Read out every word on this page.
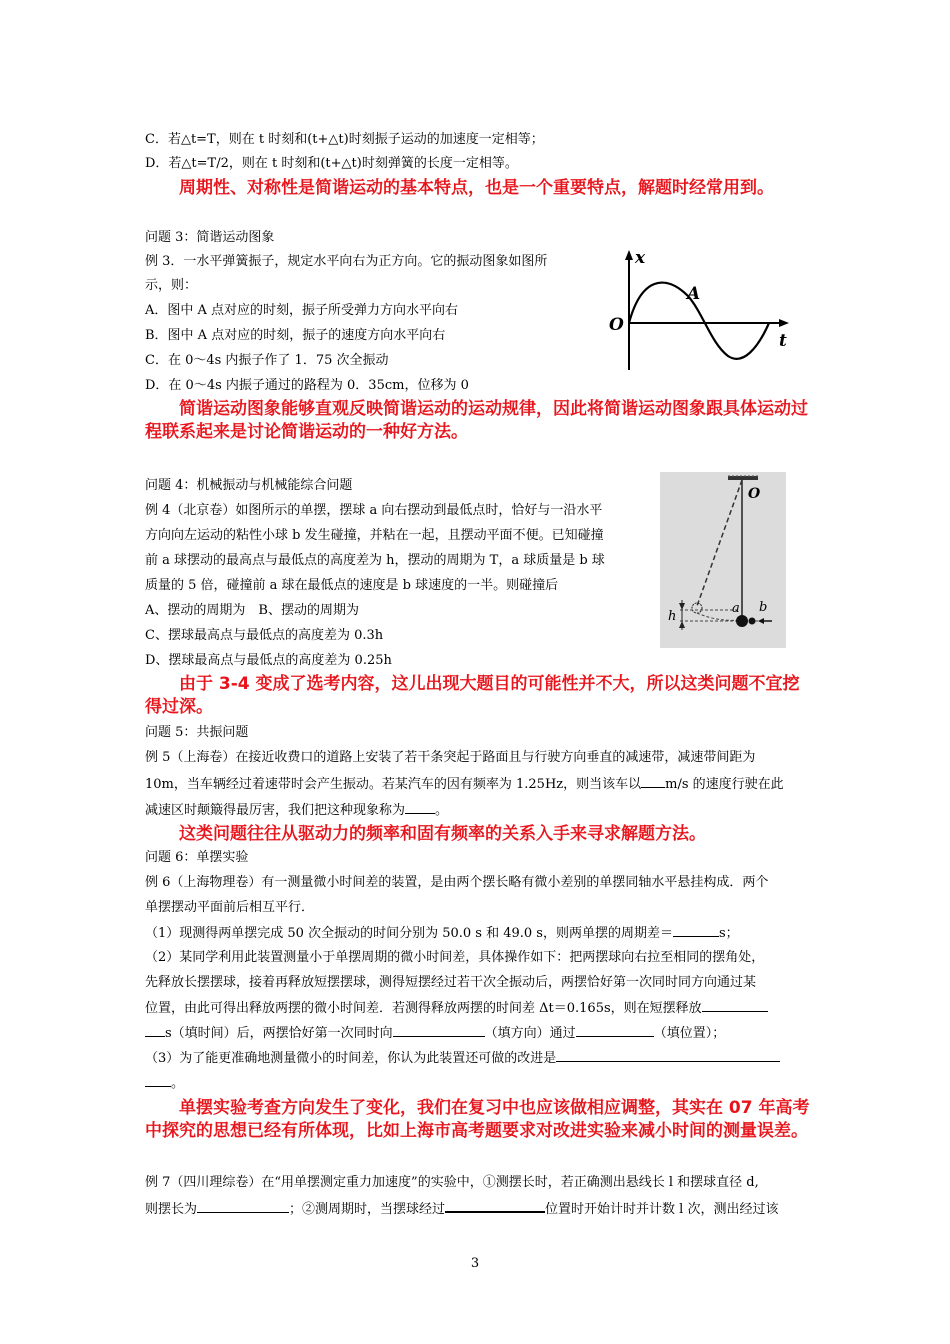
C．若△t=T，则在 t 时刻和(t+△t)时刻振子运动的加速度一定相等；
D．若△t=T/2，则在 t 时刻和(t+△t)时刻弹簧的长度一定相等。
　　周期性、对称性是简谐运动的基本特点，也是一个重要特点，解题时经常用到。
问题 3：简谐运动图象
例 3．一水平弹簧振子，规定水平向右为正方向。它的振动图象如图所
示，则：
A．图中 A 点对应的时刻，振子所受弹力方向水平向右
B．图中 A 点对应的时刻，振子的速度方向水平向右
C．在 0～4s 内振子作了 1．75 次全振动
D．在 0～4s 内振子通过的路程为 0．35cm，位移为 0
x
t
O
A
　　简谐运动图象能够直观反映简谐运动的运动规律，因此将简谐运动图象跟具体运动过程联系起来是讨论简谐运动的一种好方法。
问题 4：机械振动与机械能综合问题
例 4（北京卷）如图所示的单摆，摆球 a 向右摆动到最低点时，恰好与一沿水平
方向向左运动的粘性小球 b 发生碰撞，并粘在一起，且摆动平面不便。已知碰撞
前 a 球摆动的最高点与最低点的高度差为 h，摆动的周期为 T，a 球质量是 b 球
质量的 5 倍，碰撞前 a 球在最低点的速度是 b 球速度的一半。则碰撞后
A、摆动的周期为　B、摆动的周期为
C、摆球最高点与最低点的高度差为 0.3h
D、摆球最高点与最低点的高度差为 0.25h
O
h
a b
　　由于 3-4 变成了选考内容，这儿出现大题目的可能性并不大，所以这类问题不宜挖得过深。
问题 5：共振问题
例 5（上海卷）在接近收费口的道路上安装了若干条突起于路面且与行驶方向垂直的减速带，减速带间距为
10m，当车辆经过着速带时会产生振动。若某汽车的因有频率为 1.25Hz，则当该车以 m/s 的速度行驶在此
减速区时颠簸得最厉害，我们把这种现象称为 。
　　这类问题往往从驱动力的频率和固有频率的关系入手来寻求解题方法。
问题 6：单摆实验
例 6（上海物理卷）有一测量微小时间差的装置，是由两个摆长略有微小差别的单摆同轴水平悬挂构成．两个
单摆摆动平面前后相互平行．
（1）现测得两单摆完成 50 次全振动的时间分别为 50.0 s 和 49.0 s，则两单摆的周期差＝	s；
（2）某同学利用此装置测量小于单摆周期的微小时间差，具体操作如下：把两摆球向右拉至相同的摆角处，
先释放长摆摆球，接着再释放短摆摆球，测得短摆经过若干次全振动后，两摆恰好第一次同时同方向通过某
位置，由此可得出释放两摆的微小时间差．若测得释放两摆的时间差 Δt＝0.165s，则在短摆释放
s（填时间）后，两摆恰好第一次同时向	（填方向）通过	（填位置）；
（3）为了能更准确地测量微小的时间差，你认为此装置还可做的改进是
。
　　单摆实验考查方向发生了变化，我们在复习中也应该做相应调整，其实在 07 年高考中探究的思想已经有所体现，比如上海市高考题要求对改进实验来减小时间的测量误差。
例 7（四川理综卷）在“用单摆测定重力加速度”的实验中，①测摆长时，若正确测出悬线长 l 和摆球直径 d,
则摆长为	；②测周期时，当摆球经过	位置时开始计时并计数 l 次，测出经过该
3
